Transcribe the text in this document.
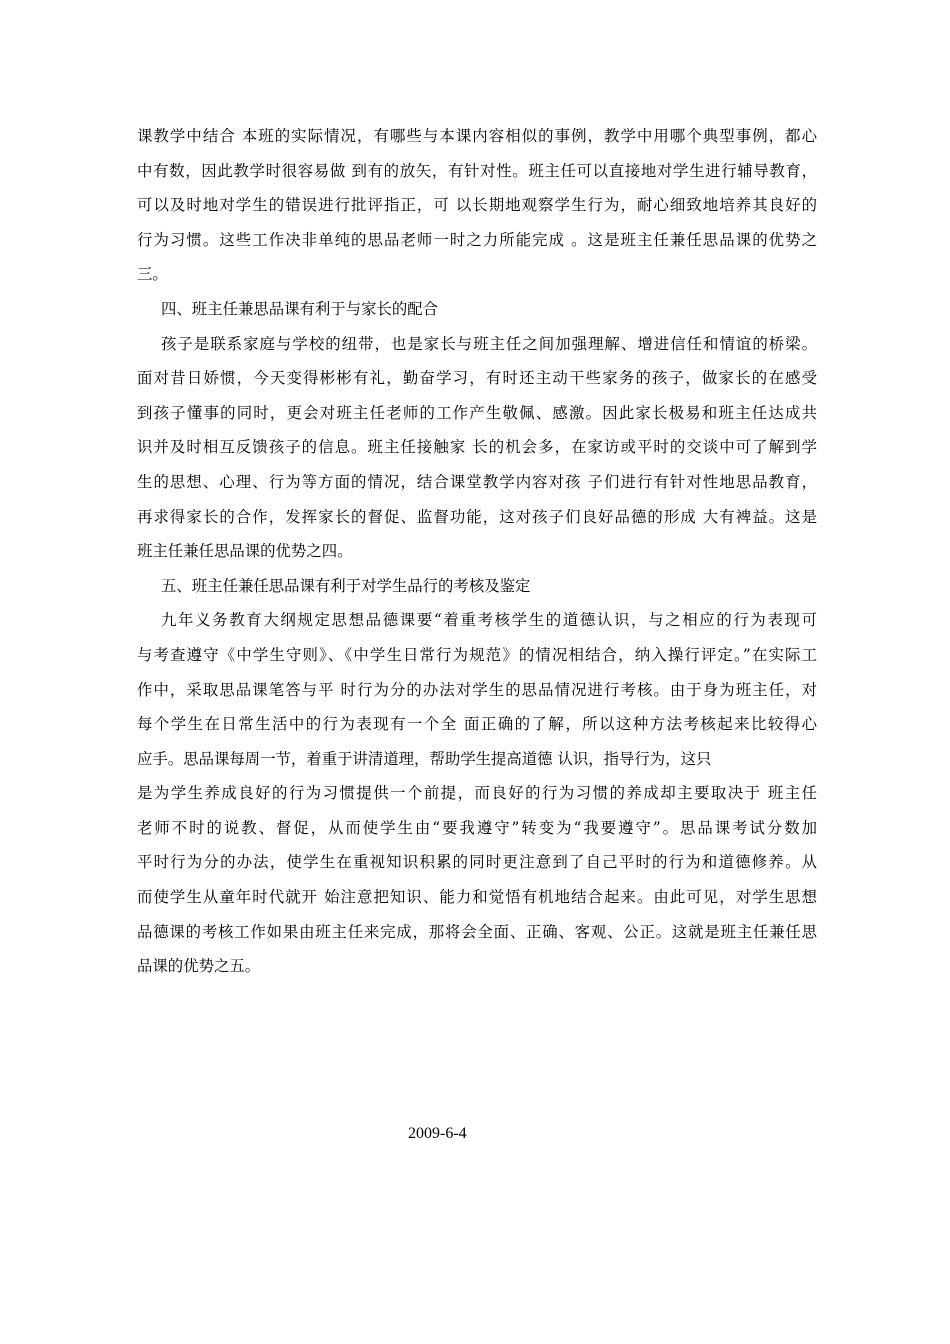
课教学中结合 本班的实际情况，有哪些与本课内容相似的事例，教学中用哪个典型事例，都心
中有数，因此教学时很容易做 到有的放矢，有针对性。班主任可以直接地对学生进行辅导教育，
可以及时地对学生的错误进行批评指正，可 以长期地观察学生行为，耐心细致地培养其良好的
行为习惯。这些工作决非单纯的思品老师一时之力所能完成 。这是班主任兼任思品课的优势之
三。
四、班主任兼思品课有利于与家长的配合
孩子是联系家庭与学校的纽带，也是家长与班主任之间加强理解、增进信任和情谊的桥梁。
面对昔日娇惯，今天变得彬彬有礼，勤奋学习，有时还主动干些家务的孩子，做家长的在感受
到孩子懂事的同时，更会对班主任老师的工作产生敬佩、感激。因此家长极易和班主任达成共
识并及时相互反馈孩子的信息。班主任接触家 长的机会多，在家访或平时的交谈中可了解到学
生的思想、心理、行为等方面的情况，结合课堂教学内容对孩 子们进行有针对性地思品教育，
再求得家长的合作，发挥家长的督促、监督功能，这对孩子们良好品德的形成 大有裨益。这是
班主任兼任思品课的优势之四。
五、班主任兼任思品课有利于对学生品行的考核及鉴定
九年义务教育大纲规定思想品德课要“着重考核学生的道德认识，与之相应的行为表现可
与考查遵守《中学生守则》、《中学生日常行为规范》的情况相结合，纳入操行评定。”在实际工
作中，采取思品课笔答与平 时行为分的办法对学生的思品情况进行考核。由于身为班主任，对
每个学生在日常生活中的行为表现有一个全 面正确的了解，所以这种方法考核起来比较得心
应手。思品课每周一节，着重于讲清道理，帮助学生提高道德 认识，指导行为，这只
是为学生养成良好的行为习惯提供一个前提，而良好的行为习惯的养成却主要取决于 班主任
老师不时的说教、督促，从而使学生由“要我遵守”转变为“我要遵守”。思品课考试分数加
平时行为分的办法，使学生在重视知识积累的同时更注意到了自己平时的行为和道德修养。从
而使学生从童年时代就开 始注意把知识、能力和觉悟有机地结合起来。由此可见，对学生思想
品德课的考核工作如果由班主任来完成，那将会全面、正确、客观、公正。这就是班主任兼任思
品课的优势之五。
2009-6-4
